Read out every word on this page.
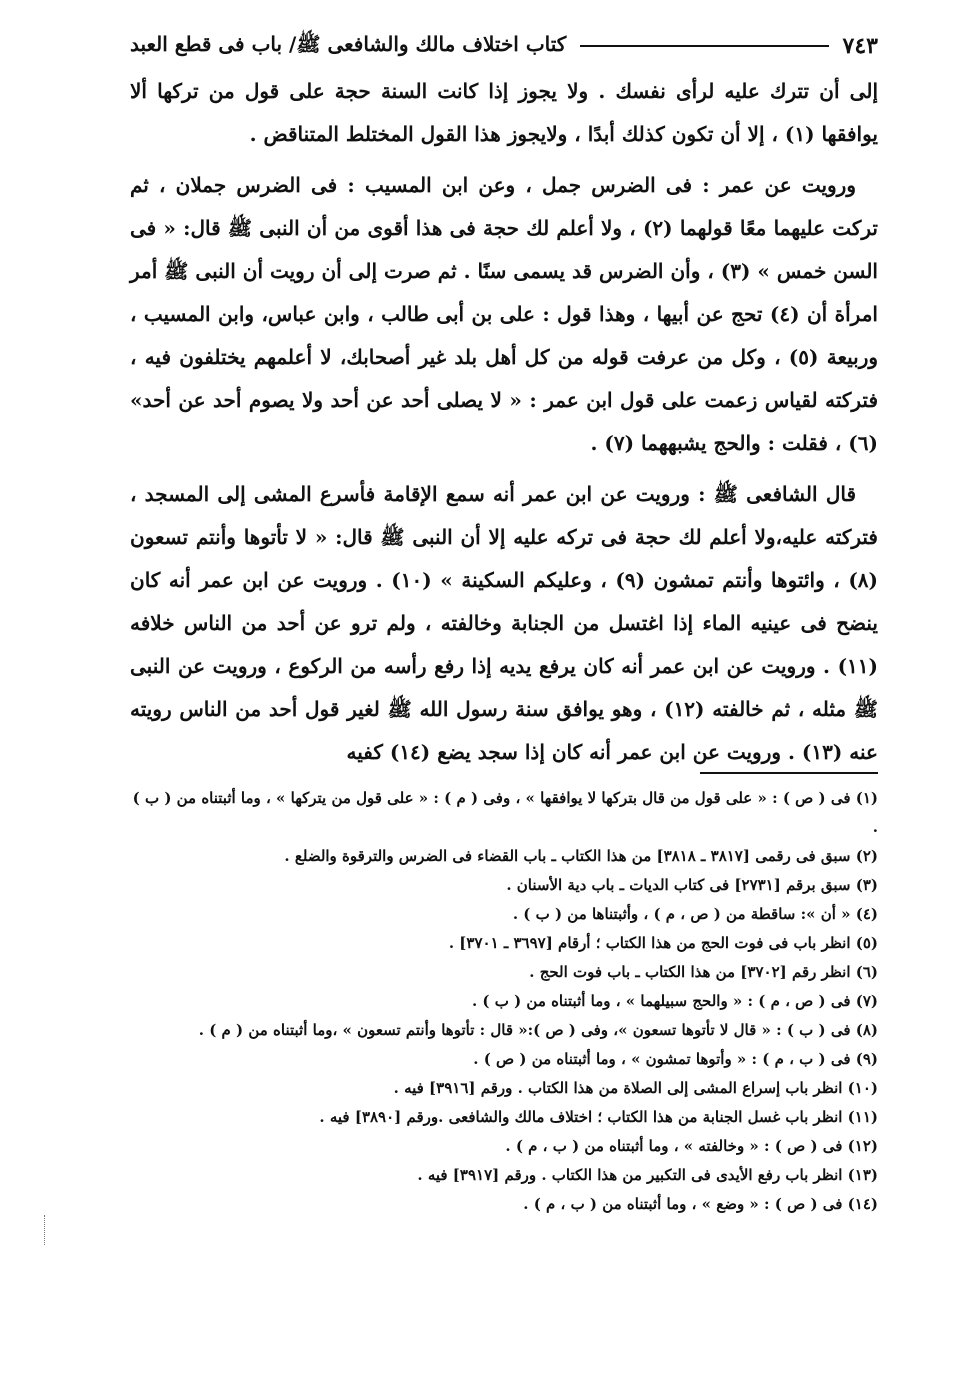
كتاب اختلاف مالك والشافعى ﷺ/ باب فى قطع العبد	٧٤٣

إلى أن تترك عليه لرأى نفسك . ولا يجوز إذا كانت السنة حجة على قول من تركها ألا يوافقها (١) ، إلا أن تكون كذلك أبدًا ، ولايجوز هذا القول المختلط المتناقض .

ورويت عن عمر : فى الضرس جمل ، وعن ابن المسيب : فى الضرس جملان ، ثم تركت عليهما معًا قولهما (٢) ، ولا أعلم لك حجة فى هذا أقوى من أن النبى ﷺ قال: « فى السن خمس » (٣) ، وأن الضرس قد يسمى سنًا . ثم صرت إلى أن رويت أن النبى ﷺ أمر امرأة أن (٤) تحج عن أبيها ، وهذا قول : على بن أبى طالب ، وابن عباس، وابن المسيب ، وربيعة (٥) ، وكل من عرفت قوله من كل أهل بلد غير أصحابك، لا أعلمهم يختلفون فيه ، فتركته لقياس زعمت على قول ابن عمر : « لا يصلى أحد عن أحد ولا يصوم أحد عن أحد» (٦) ، فقلت : والحج يشبههما (٧) .

قال الشافعى ﷺ : ورويت عن ابن عمر أنه سمع الإقامة فأسرع المشى إلى المسجد ، فتركته عليه،ولا أعلم لك حجة فى تركه عليه إلا أن النبى ﷺ قال: « لا تأتوها وأنتم تسعون (٨) ، وائتوها وأنتم تمشون (٩) ، وعليكم السكينة » (١٠) . ورويت عن ابن عمر أنه كان ينضح فى عينيه الماء إذا اغتسل من الجنابة وخالفته ، ولم ترو عن أحد من الناس خلافه (١١) . ورويت عن ابن عمر أنه كان يرفع يديه إذا رفع رأسه من الركوع ، ورويت عن النبى ﷺ مثله ، ثم خالفته (١٢) ، وهو يوافق سنة رسول الله ﷺ لغير قول أحد من الناس رويته عنه (١٣) . ورويت عن ابن عمر أنه كان إذا سجد يضع (١٤) كفيه

(١) فى ( ص ) : « على قول من قال بتركها لا يوافقها » ، وفى ( م ) : « على قول من يتركها » ، وما أثبتناه من ( ب ) .
(٢) سبق فى رقمى [٣٨١٧ ـ ٣٨١٨] من هذا الكتاب ـ باب القضاء فى الضرس والترقوة والضلع .
(٣) سبق برقم [٢٧٣١] فى كتاب الديات ـ باب دية الأسنان .
(٤) « أن »: ساقطة من ( ص ، م ) ، وأثبتناها من ( ب ) .
(٥) انظر باب فى فوت الحج من هذا الكتاب ؛ أرقام [٣٦٩٧ ـ ٣٧٠١] .
(٦) انظر رقم [٣٧٠٢] من هذا الكتاب ـ باب فوت الحج .
(٧) فى ( ص ، م ) : « والحج سبيلهما » ، وما أثبتناه من ( ب ) .
(٨) فى ( ب ) : « قال لا تأتوها تسعون »، وفى ( ص ):« قال : تأتوها وأنتم تسعون » ،وما أثبتناه من ( م ) .
(٩) فى ( ب ، م ) : « وأتوها تمشون » ، وما أثبتناه من ( ص ) .
(١٠) انظر باب إسراع المشى إلى الصلاة من هذا الكتاب . ورقم [٣٩١٦] فيه .
(١١) انظر باب غسل الجنابة من هذا الكتاب ؛ اختلاف مالك والشافعى .ورقم [٣٨٩٠] فيه .
(١٢) فى ( ص ) : « وخالفته » ، وما أثبتناه من ( ب ، م ) .
(١٣) انظر باب رفع الأيدى فى التكبير من هذا الكتاب . ورقم [٣٩١٧] فيه .
(١٤) فى ( ص ) : « وضع » ، وما أثبتناه من ( ب ، م ) .
